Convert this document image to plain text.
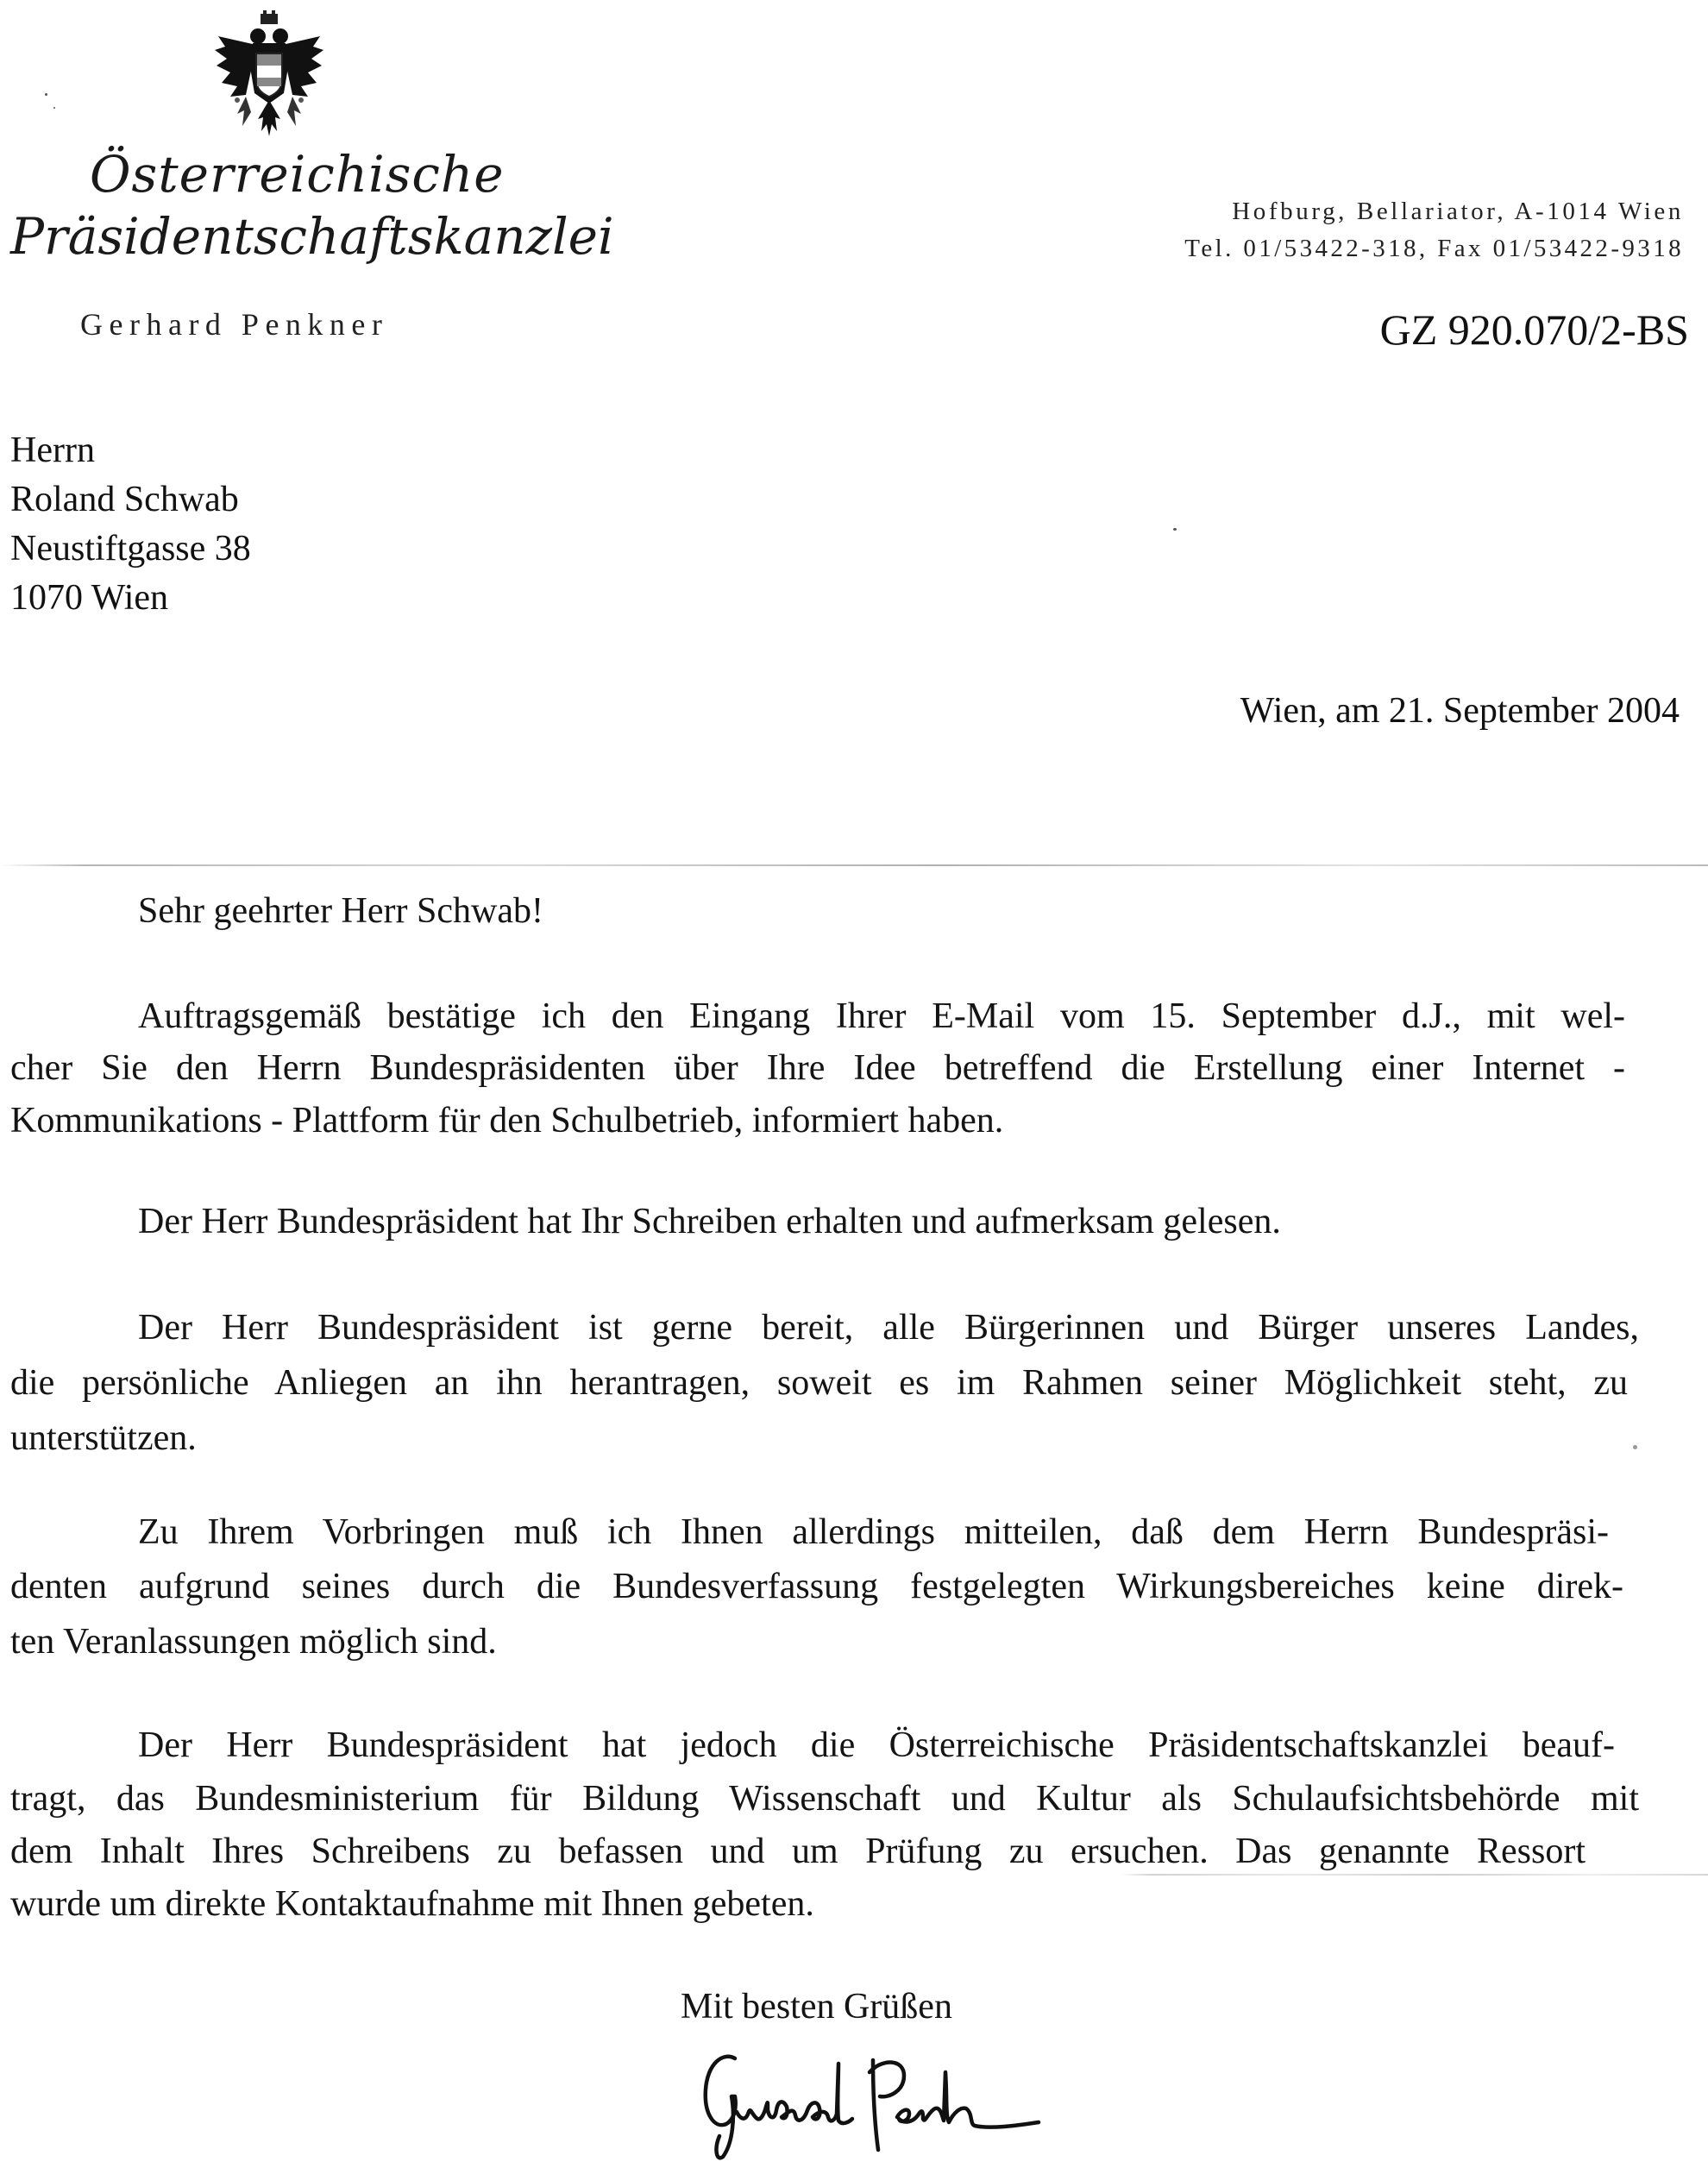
Österreichische
Präsidentschaftskanzlei
Gerhard Penkner
Hofburg, Bellariator, A-1014 Wien
Tel. 01/53422-318, Fax 01/53422-9318
GZ 920.070/2-BS
Herrn
Roland Schwab
Neustiftgasse 38
1070 Wien
Wien, am 21. September 2004
Sehr geehrter Herr Schwab!
Auftragsgemäß bestätige ich den Eingang Ihrer E-Mail vom 15. September d.J., mit wel-
cher Sie den Herrn Bundespräsidenten über Ihre Idee betreffend die Erstellung einer Internet -
Kommunikations - Plattform für den Schulbetrieb, informiert haben.
Der Herr Bundespräsident hat Ihr Schreiben erhalten und aufmerksam gelesen.
Der Herr Bundespräsident ist gerne bereit, alle Bürgerinnen und Bürger unseres Landes,
die persönliche Anliegen an ihn herantragen, soweit es im Rahmen seiner Möglichkeit steht, zu
unterstützen.
Zu Ihrem Vorbringen muß ich Ihnen allerdings mitteilen, daß dem Herrn Bundespräsi-
denten aufgrund seines durch die Bundesverfassung festgelegten Wirkungsbereiches keine direk-
ten Veranlassungen möglich sind.
Der Herr Bundespräsident hat jedoch die Österreichische Präsidentschaftskanzlei beauf-
tragt, das Bundesministerium für Bildung Wissenschaft und Kultur als Schulaufsichtsbehörde mit
dem Inhalt Ihres Schreibens zu befassen und um Prüfung zu ersuchen. Das genannte Ressort
wurde um direkte Kontaktaufnahme mit Ihnen gebeten.
Mit besten Grüßen
